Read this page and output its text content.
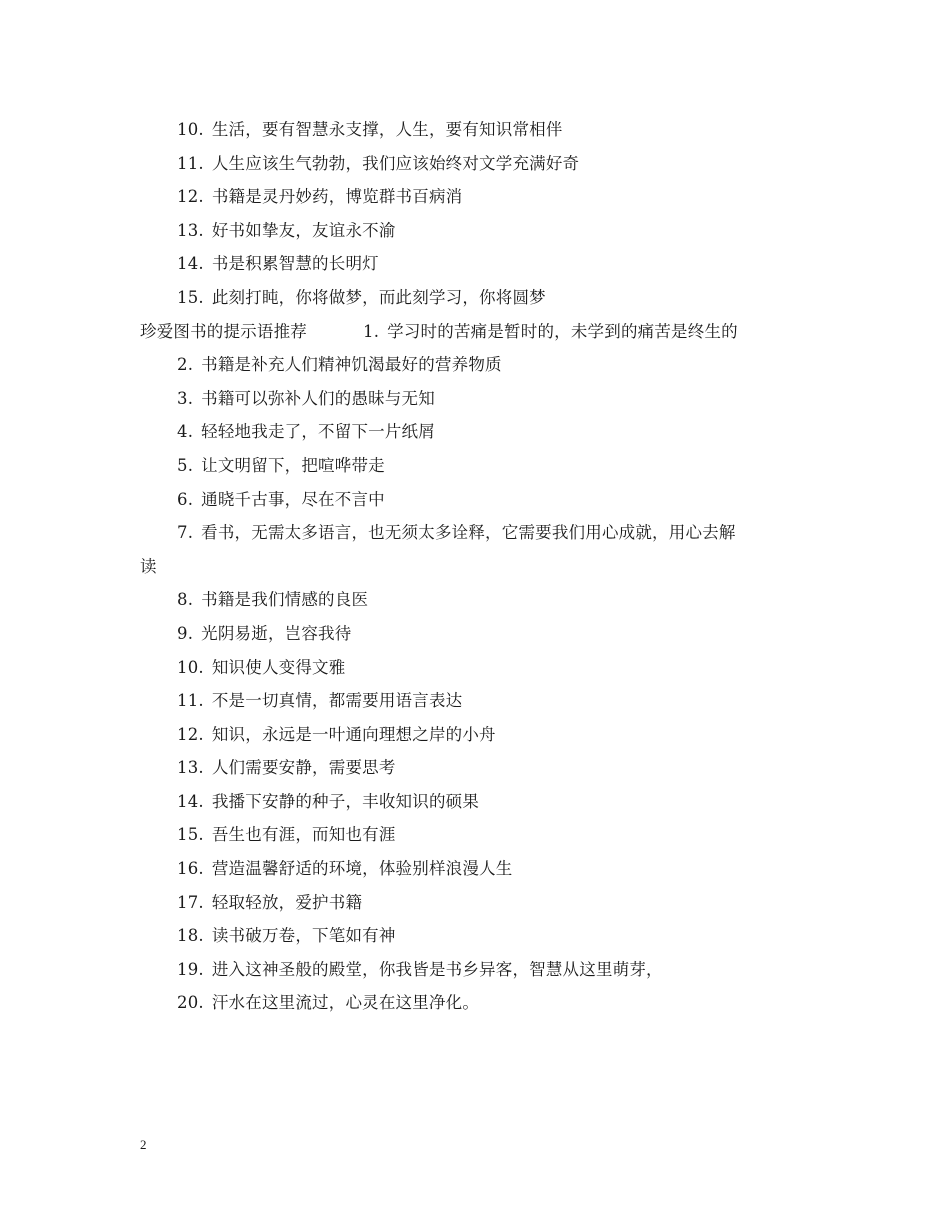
10. 生活，要有智慧永支撑，人生，要有知识常相伴
11. 人生应该生气勃勃，我们应该始终对文学充满好奇
12. 书籍是灵丹妙药，博览群书百病消
13. 好书如挚友，友谊永不渝
14. 书是积累智慧的长明灯
15. 此刻打盹，你将做梦，而此刻学习，你将圆梦
珍爱图书的提示语推荐	1. 学习时的苦痛是暂时的，未学到的痛苦是终生的
2. 书籍是补充人们精神饥渴最好的营养物质
3. 书籍可以弥补人们的愚昧与无知
4. 轻轻地我走了，不留下一片纸屑
5. 让文明留下，把喧哗带走
6. 通晓千古事，尽在不言中
7. 看书，无需太多语言，也无须太多诠释，它需要我们用心成就，用心去解
读
8. 书籍是我们情感的良医
9. 光阴易逝，岂容我待
10. 知识使人变得文雅
11. 不是一切真情，都需要用语言表达
12. 知识，永远是一叶通向理想之岸的小舟
13. 人们需要安静，需要思考
14. 我播下安静的种子，丰收知识的硕果
15. 吾生也有涯，而知也有涯
16. 营造温馨舒适的环境，体验别样浪漫人生
17. 轻取轻放，爱护书籍
18. 读书破万卷，下笔如有神
19. 进入这神圣般的殿堂，你我皆是书乡异客，智慧从这里萌芽，
20. 汗水在这里流过，心灵在这里净化。
2
